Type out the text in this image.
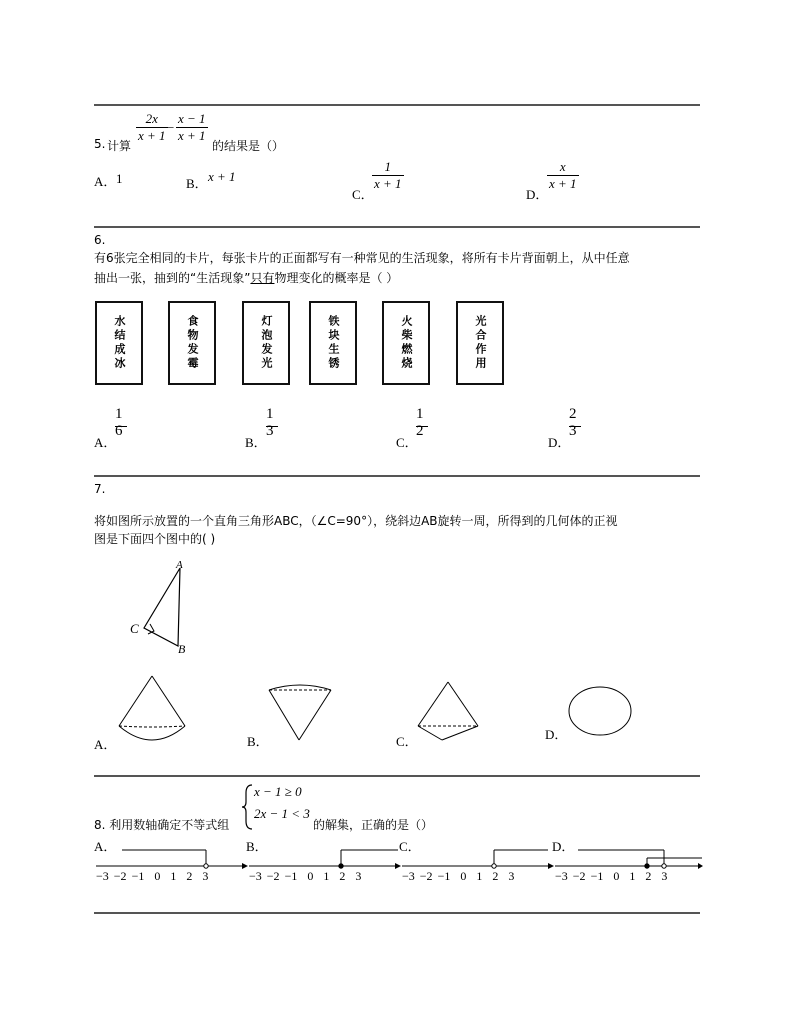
5. 计算
$\frac{2x}{x + 1} - \frac{x - 1}{x + 1}$
的结果是（）
A． 1	B． x + 1
C．
$\frac{1}{x + 1}$
D．
$\frac{x}{x + 1}$
6.
有6张完全相同的卡片，每张卡片的正面都写有一种常见的生活现象，将所有卡片背面朝上，从中任意
抽出一张，抽到的“生活现象”只有物理变化的概率是（ ）
水结成冰	食物发霉	灯泡发光	铁块生锈	火柴燃烧	光合作用
A．
1
6
B．
1
3
C．
1
2
D．
2
3
7.
将如图所示放置的一个直角三角形ABC，（∠C=90°），绕斜边AB旋转一周，所得到的几何体的正视
图是下面四个图中的( )
A
C
B
A．	B．	C．	D．
8. 利用数轴确定不等式组
x − 1 ≥ 0
2x − 1 < 3
的解集，正确的是（）
A．	B．	C．	D．
−3 −2 −1 0 1 2 3	−3 −2 −1 0 1 2 3	−3 −2 −1 0 1 2 3	−3 −2 −1 0 1 2 3
